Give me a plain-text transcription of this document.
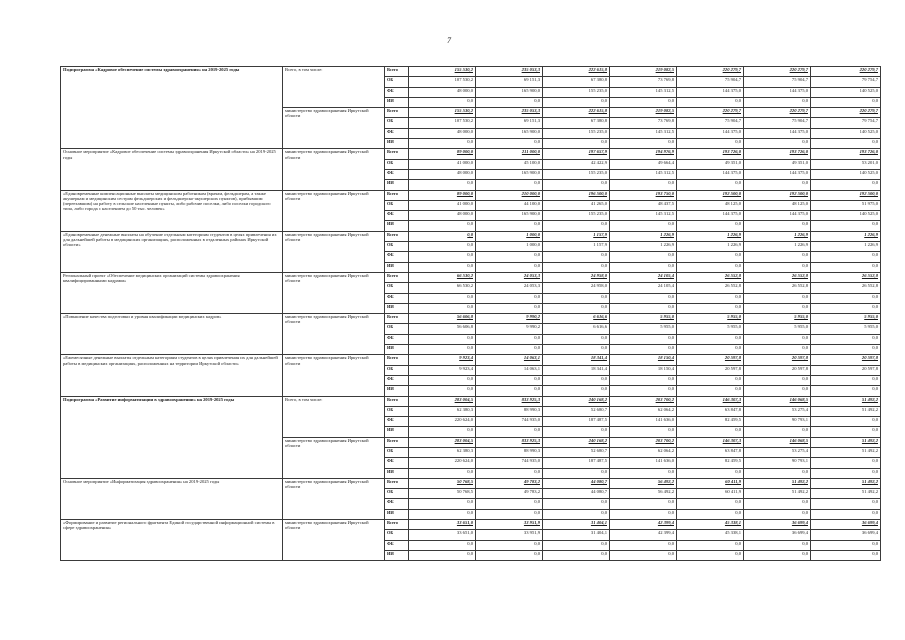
7
Подпрограмма «Кадровое обеспечение системы здравоохранения» на 2019-2025 годы	Всего, в том числе:	Всего	155 530,2	235 053,3	222 615,8	219 082,5	220 279,7	220 279,7	220 279,7
		ОБ	107 530,2	69 151,3	67 380,8	73 769,8	75 904,7	75 904,7	79 754,7
		ФБ	48 000,0	165 900,0	155 235,0	145 312,5	144 375,0	144 375,0	140 525,0
		ИИ	0,0	0,0	0,0	0,0	0,0	0,0	0,0
	министерство здравоохранения Иркутской области	Всего	155 530,2	235 053,3	222 615,8	219 082,5	220 279,7	220 279,7	220 279,7
		ОБ	107 530,2	69 151,3	67 380,8	73 769,8	75 904,7	75 904,7	79 754,7
		ФБ	48 000,0	165 900,0	155 235,0	145 312,5	144 375,0	144 375,0	140 525,0
		ИИ	0,0	0,0	0,0	0,0	0,0	0,0	0,0
Основное мероприятие «Кадровое обеспечение системы здравоохранения Иркутской области» на 2019-2025 годы	министерство здравоохранения Иркутской области	Всего	89 000,0	211 000,0	197 657,9	194 976,9	193 726,0	193 726,0	193 726,0
		ОБ	41 000,0	45 100,0	42 422,9	49 664,4	49 351,0	49 351,0	53 201,0
		ФБ	48 000,0	165 900,0	155 235,0	145 312,5	144 375,0	144 375,0	140 525,0
		ИИ	0,0	0,0	0,0	0,0	0,0	0,0	0,0
«Единовременные компенсационные выплаты медицинским работникам (врачам, фельдшерам, а также акушеркам и медицинским сестрам фельдшерских и фельдшерско-акушерских пунктов), прибывшим (переехавшим) на работу в сельские населенные пункты, либо рабочие поселки, либо поселки городского типа, либо города с населением до 50 тыс. человек»	министерство здравоохранения Иркутской области	Всего	89 000,0	210 000,0	196 500,0	193 750,0	192 500,0	192 500,0	192 500,0
		ОБ	41 000,0	44 100,0	41 265,0	48 437,5	48 125,0	48 125,0	51 975,0
		ФБ	48 000,0	165 900,0	155 235,0	145 312,5	144 375,0	144 375,0	140 525,0
		ИИ	0,0	0,0	0,0	0,0	0,0	0,0	0,0
«Единовременные денежные выплаты на обучение отдельным категориям студентов в целях привлечения их для дальнейшей работы в медицинских организациях, расположенных в отдаленных районах Иркутской области»	министерство здравоохранения Иркутской области	Всего	0,0	1 000,0	1 157,9	1 226,9	1 226,9	1 226,9	1 226,9
		ОБ	0,0	1 000,0	1 157,9	1 226,9	1 226,9	1 226,9	1 226,9
		ФБ	0,0	0,0	0,0	0,0	0,0	0,0	0,0
		ИИ	0,0	0,0	0,0	0,0	0,0	0,0	0,0
Региональный проект «Обеспечение медицинских организаций системы здравоохранения квалифицированными кадрами»	министерство здравоохранения Иркутской области	Всего	66 530,2	24 053,3	24 958,0	24 105,4	26 552,8	26 552,8	26 552,8
		ОБ	66 530,2	24 053,3	24 958,0	24 105,4	26 552,8	26 552,8	26 552,8
		ФБ	0,0	0,0	0,0	0,0	0,0	0,0	0,0
		ИИ	0,0	0,0	0,0	0,0	0,0	0,0	0,0
«Повышение качества подготовки и уровня квалификации медицинских кадров»	министерство здравоохранения Иркутской области	Всего	56 606,8	9 990,2	6 616,6	5 955,0	5 955,0	5 955,0	5 955,0
		ОБ	56 606,8	9 990,2	6 616,6	5 955,0	5 955,0	5 955,0	5 955,0
		ФБ	0,0	0,0	0,0	0,0	0,0	0,0	0,0
		ИИ	0,0	0,0	0,0	0,0	0,0	0,0	0,0
«Ежемесячные денежные выплаты отдельным категориям студентов в целях привлечения их для дальнейшей работы в медицинских организациях, расположенных на территории Иркутской области»	министерство здравоохранения Иркутской области	Всего	9 923,4	14 063,1	18 341,4	18 150,4	20 597,8	20 597,8	20 597,8
		ОБ	9 923,4	14 063,1	18 341,4	18 150,4	20 597,8	20 597,8	20 597,8
		ФБ	0,0	0,0	0,0	0,0	0,0	0,0	0,0
		ИИ	0,0	0,0	0,0	0,0	0,0	0,0	0,0
Подпрограмма «Развитие информатизации в здравоохранении» на 2019-2025 годы	Всего, в том числе:	Всего	283 004,5	833 925,3	240 168,2	203 700,2	146 307,3	146 068,5	51 492,2
		ОБ	62 380,3	88 990,3	52 680,7	62 064,2	63 847,8	53 275,4	51 492,2
		ФБ	220 624,0	744 935,0	187 487,5	141 636,0	82 459,5	90 793,1	0,0
		ИИ	0,0	0,0	0,0	0,0	0,0	0,0	0,0
	министерство здравоохранения Иркутской области	Всего	283 004,5	833 925,3	240 168,2	203 700,2	146 307,3	146 068,5	51 492,2
		ОБ	62 380,3	88 990,3	52 680,7	62 064,2	63 847,8	53 275,4	51 492,2
		ФБ	220 624,0	744 935,0	187 487,5	141 636,0	82 459,5	90 793,1	0,0
		ИИ	0,0	0,0	0,0	0,0	0,0	0,0	0,0
Основное мероприятие «Информатизация здравоохранения» на 2019-2025 годы	министерство здравоохранения Иркутской области	Всего	50 768,5	49 783,2	44 080,7	56 492,2	60 411,9	51 492,2	51 492,2
		ОБ	50 768,5	49 783,2	44 080,7	56 492,2	60 411,9	51 492,2	51 492,2
		ФБ	0,0	0,0	0,0	0,0	0,0	0,0	0,0
		ИИ	0,0	0,0	0,0	0,0	0,0	0,0	0,0
«Формирование и развитие регионального фрагмента Единой государственной информационной системы в сфере здравоохранения»	министерство здравоохранения Иркутской области	Всего	33 651,0	33 951,9	31 404,1	42 399,4	45 338,1	36 699,4	36 699,4
		ОБ	33 651,0	33 951,9	31 404,1	42 399,4	45 338,1	36 699,4	36 699,4
		ФБ	0,0	0,0	0,0	0,0	0,0	0,0	0,0
		ИИ	0,0	0,0	0,0	0,0	0,0	0,0	0,0
